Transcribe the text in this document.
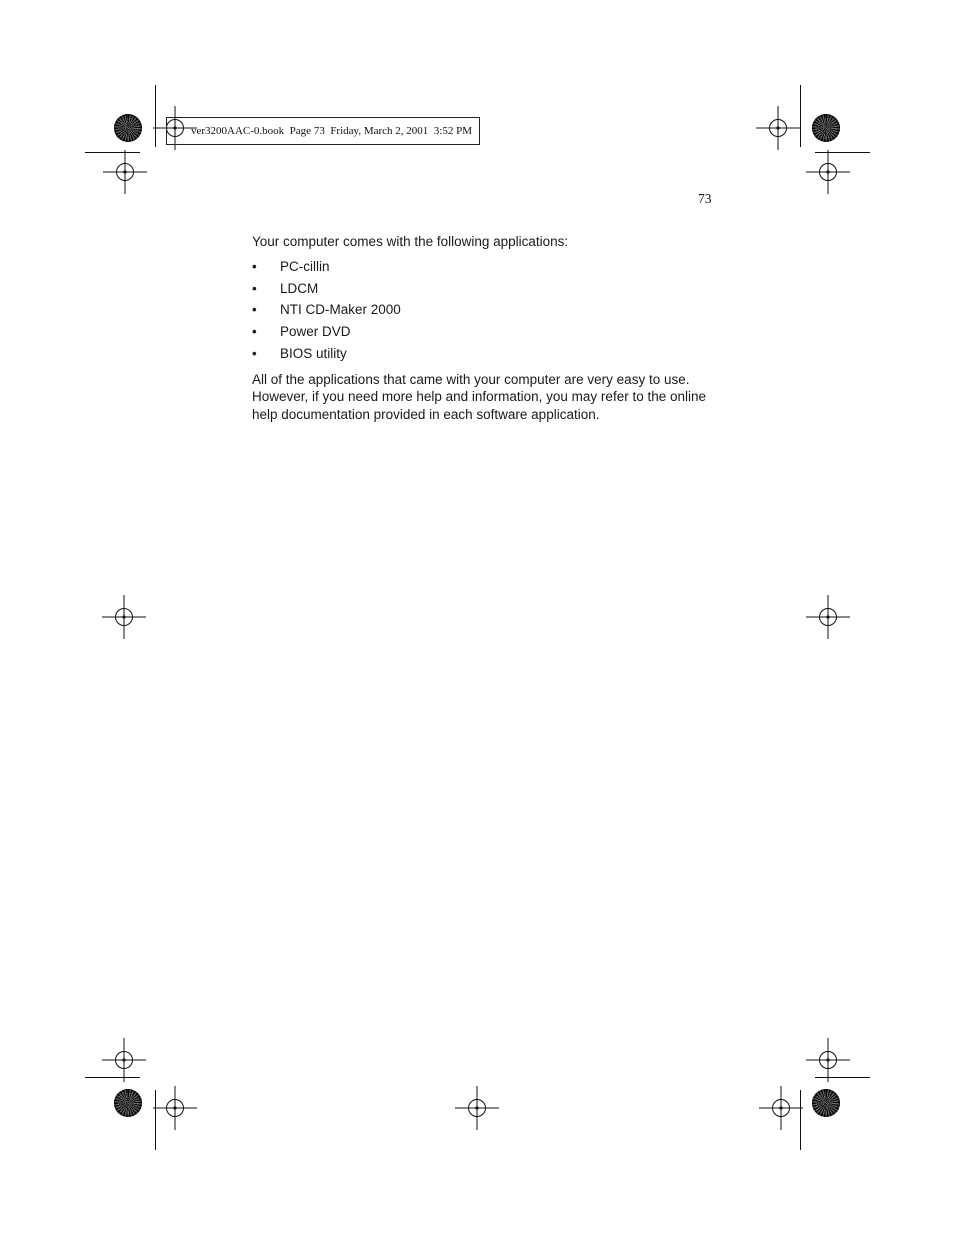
ver3200AAC-0.book  Page 73  Friday, March 2, 2001  3:52 PM
73
Your computer comes with the following applications:
• PC-cillin
• LDCM
• NTI CD-Maker 2000
• Power DVD
• BIOS utility
All of the applications that came with your computer are very easy to use.  However, if you need more help and information, you may refer to the online help documentation provided in each software application.
